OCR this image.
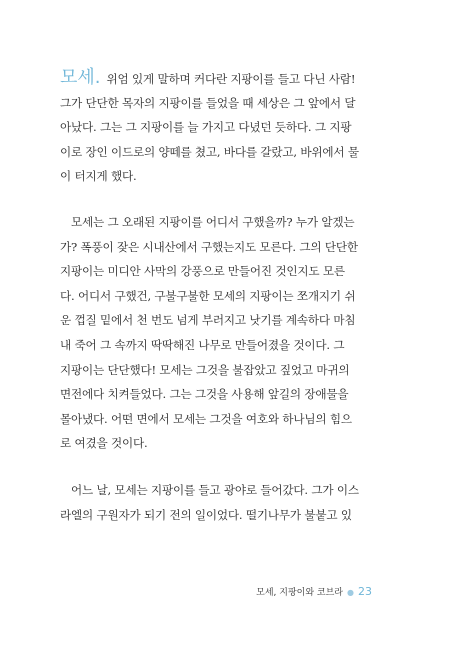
모세. 위엄 있게 말하며 커다란 지팡이를 들고 다닌 사람!
그가 단단한 목자의 지팡이를 들었을 때 세상은 그 앞에서 달
아났다. 그는 그 지팡이를 늘 가지고 다녔던 듯하다. 그 지팡
이로 장인 이드로의 양떼를 쳤고, 바다를 갈랐고, 바위에서 물
이 터지게 했다.
모세는 그 오래된 지팡이를 어디서 구했을까? 누가 알겠는
가? 폭풍이 잦은 시내산에서 구했는지도 모른다. 그의 단단한
지팡이는 미디안 사막의 강풍으로 만들어진 것인지도 모른
다. 어디서 구했건, 구불구불한 모세의 지팡이는 쪼개지기 쉬
운 껍질 밑에서 천 번도 넘게 부러지고 낫기를 계속하다 마침
내 죽어 그 속까지 딱딱해진 나무로 만들어졌을 것이다. 그
지팡이는 단단했다! 모세는 그것을 불잡았고 짚었고 마귀의
면전에다 치켜들었다. 그는 그것을 사용해 앞길의 장애물을
몰아냈다. 어떤 면에서 모세는 그것을 여호와 하나님의 힘으
로 여겼을 것이다.
어느 날, 모세는 지팡이를 들고 광야로 들어갔다. 그가 이스
라엘의 구원자가 되기 전의 일이었다. 떨기나무가 불붙고 있
모세, 지팡이와 코브라 ● 23
